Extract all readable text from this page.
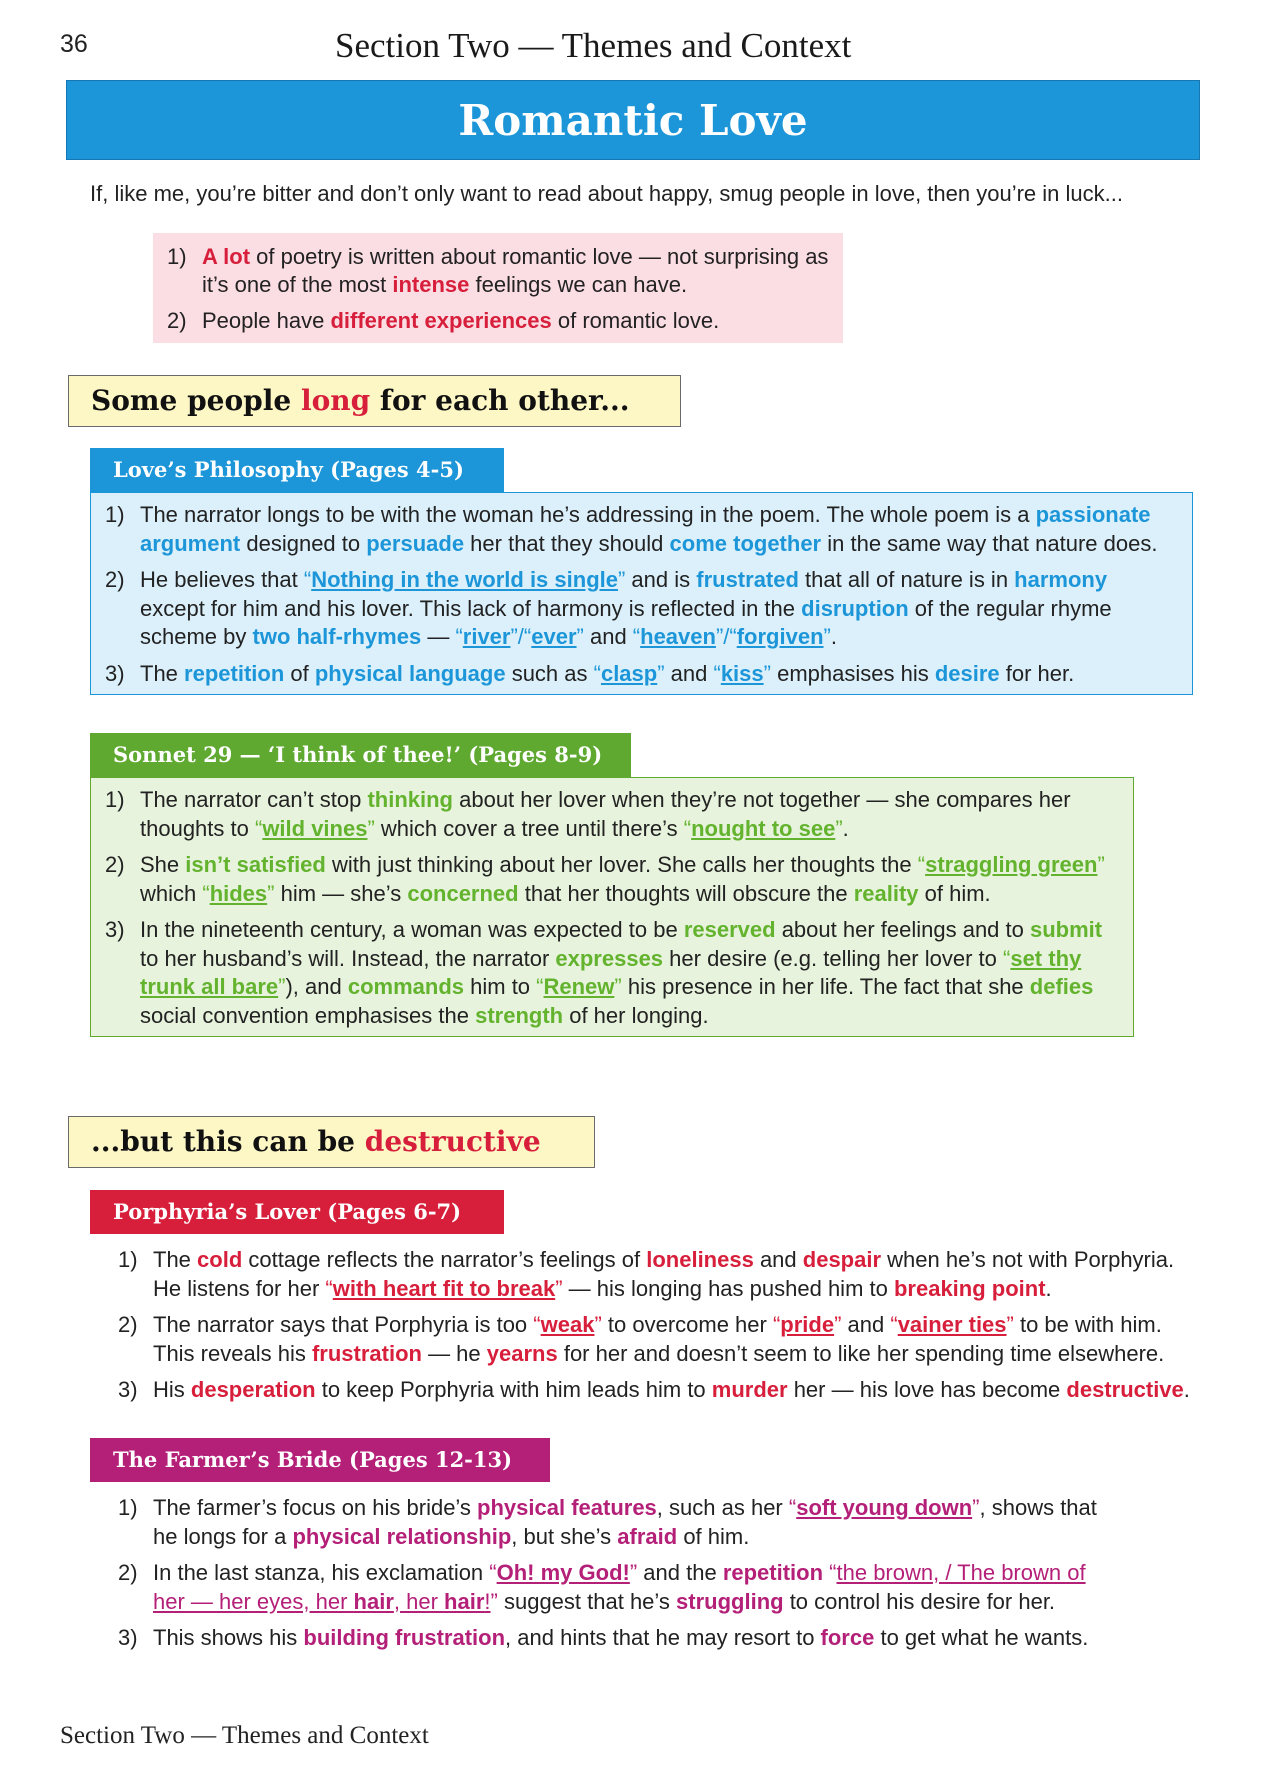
36	Section Two — Themes and Context
Romantic Love
If, like me, you’re bitter and don’t only want to read about happy, smug people in love, then you’re in luck...
1) A lot of poetry is written about romantic love — not surprising as it’s one of the most intense feelings we can have.
2) People have different experiences of romantic love.
Some people long for each other...
Love’s Philosophy (Pages 4-5)
1) The narrator longs to be with the woman he’s addressing in the poem. The whole poem is a passionate argument designed to persuade her that they should come together in the same way that nature does.
2) He believes that “Nothing in the world is single” and is frustrated that all of nature is in harmony except for him and his lover. This lack of harmony is reflected in the disruption of the regular rhyme scheme by two half-rhymes — “river”/“ever” and “heaven”/“forgiven”.
3) The repetition of physical language such as “clasp” and “kiss” emphasises his desire for her.
Sonnet 29 — ‘I think of thee!’ (Pages 8-9)
1) The narrator can’t stop thinking about her lover when they’re not together — she compares her thoughts to “wild vines” which cover a tree until there’s “nought to see”.
2) She isn’t satisfied with just thinking about her lover. She calls her thoughts the “straggling green” which “hides” him — she’s concerned that her thoughts will obscure the reality of him.
3) In the nineteenth century, a woman was expected to be reserved about her feelings and to submit to her husband’s will. Instead, the narrator expresses her desire (e.g. telling her lover to “set thy trunk all bare”), and commands him to “Renew” his presence in her life. The fact that she defies social convention emphasises the strength of her longing.
...but this can be destructive
Porphyria’s Lover (Pages 6-7)
1) The cold cottage reflects the narrator’s feelings of loneliness and despair when he’s not with Porphyria. He listens for her “with heart fit to break” — his longing has pushed him to breaking point.
2) The narrator says that Porphyria is too “weak” to overcome her “pride” and “vainer ties” to be with him. This reveals his frustration — he yearns for her and doesn’t seem to like her spending time elsewhere.
3) His desperation to keep Porphyria with him leads him to murder her — his love has become destructive.
The Farmer’s Bride (Pages 12-13)
1) The farmer’s focus on his bride’s physical features, such as her “soft young down”, shows that he longs for a physical relationship, but she’s afraid of him.
2) In the last stanza, his exclamation “Oh! my God!” and the repetition “the brown, / The brown of her — her eyes, her hair, her hair!” suggest that he’s struggling to control his desire for her.
3) This shows his building frustration, and hints that he may resort to force to get what he wants.
Section Two — Themes and Context
